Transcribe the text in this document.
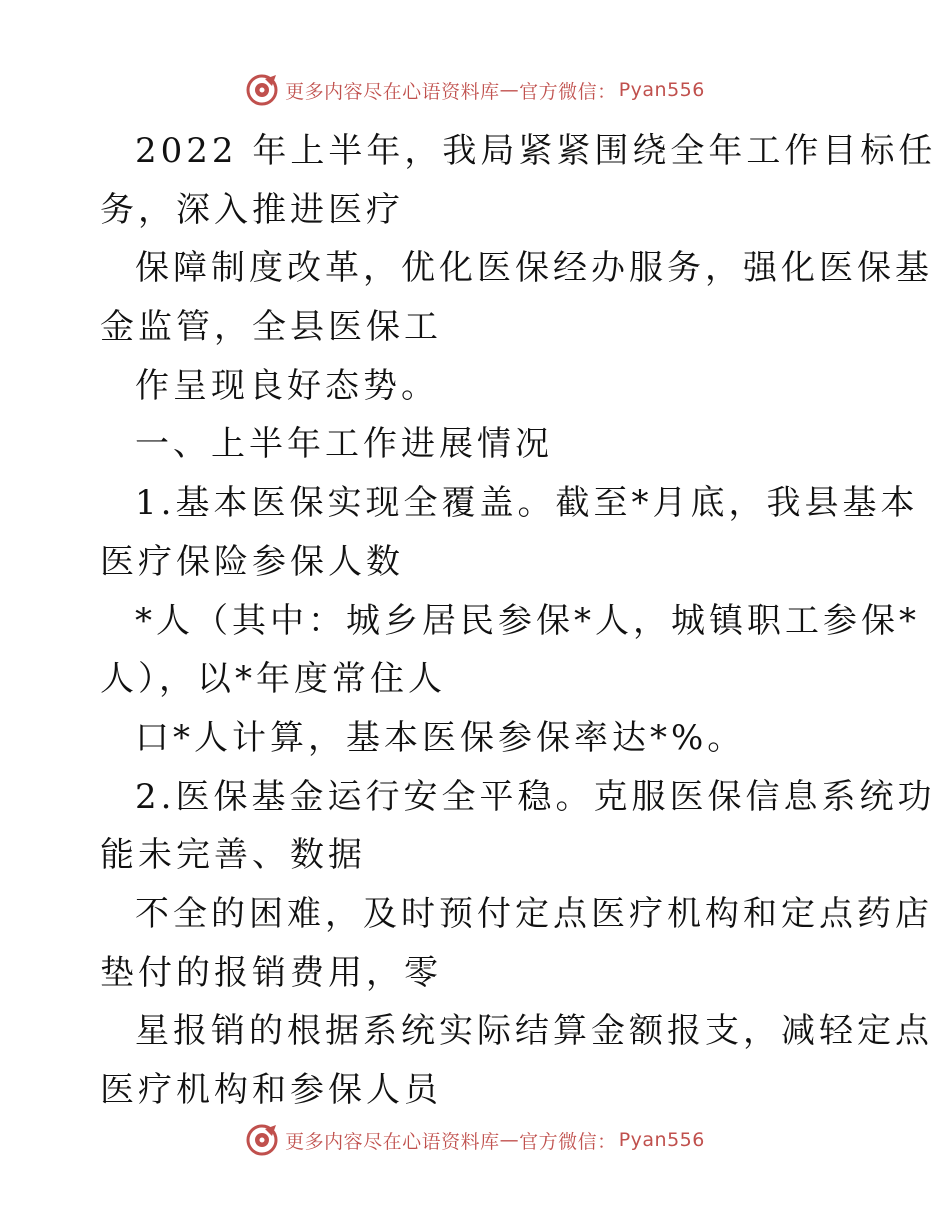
更多内容尽在心语资料库 — 官方微信： Pyan556
2022 年上半年，我局紧紧围绕全年工作目标任
务，深入推进医疗
保障制度改革，优化医保经办服务，强化医保基
金监管，全县医保工
作呈现良好态势。
一、上半年工作进展情况
1.基本医保实现全覆盖。截至*月底，我县基本
医疗保险参保人数
*人（其中：城乡居民参保*人，城镇职工参保*
人），以*年度常住人
口*人计算，基本医保参保率达*%。
2.医保基金运行安全平稳。克服医保信息系统功
能未完善、数据
不全的困难，及时预付定点医疗机构和定点药店
垫付的报销费用，零
星报销的根据系统实际结算金额报支，减轻定点
医疗机构和参保人员
更多内容尽在心语资料库 — 官方微信： Pyan556
